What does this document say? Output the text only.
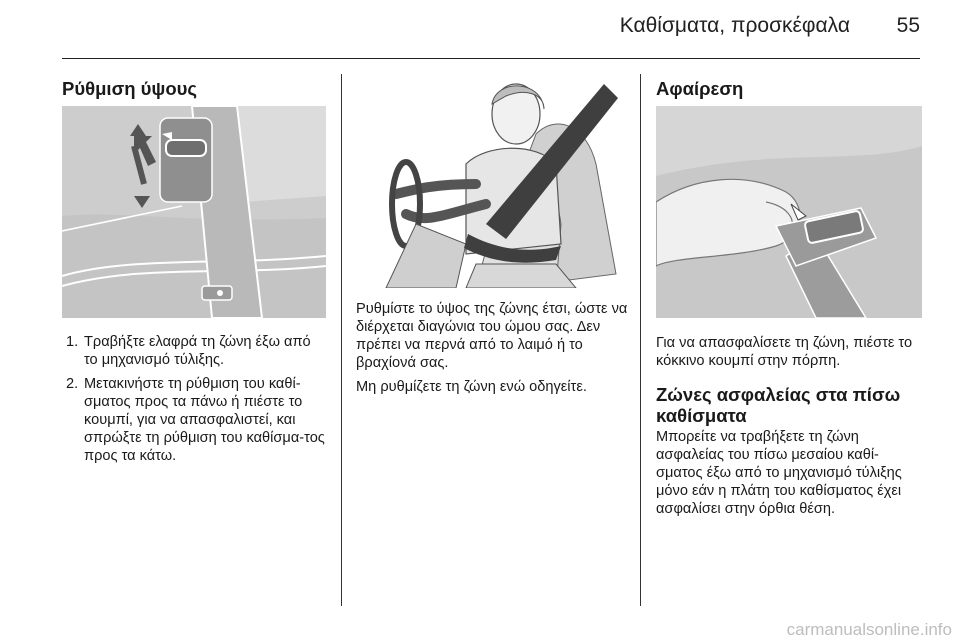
Καθίσματα, προσκέφαλα 55
Ρύθμιση ύψους
1. Τραβήξτε ελαφρά τη ζώνη έξω από το μηχανισμό τύλιξης.
2. Μετακινήστε τη ρύθμιση του καθί-σματος προς τα πάνω ή πιέστε το κουμπί, για να απασφαλιστεί, και σπρώξτε τη ρύθμιση του καθίσμα-τος προς τα κάτω.

Ρυθμίστε το ύψος της ζώνης έτσι, ώστε να διέρχεται διαγώνια του ώμου σας. Δεν πρέπει να περνά από το λαιμό ή το βραχίονά σας.

Μη ρυθμίζετε τη ζώνη ενώ οδηγείτε.

Αφαίρεση

Για να απασφαλίσετε τη ζώνη, πιέστε το κόκκινο κουμπί στην πόρπη.

Ζώνες ασφαλείας στα πίσω καθίσματα

Μπορείτε να τραβήξετε τη ζώνη ασφαλείας του πίσω μεσαίου καθί-σματος έξω από το μηχανισμό τύλιξης μόνο εάν η πλάτη του καθίσματος έχει ασφαλίσει στην όρθια θέση.

carmanualsonline.info
